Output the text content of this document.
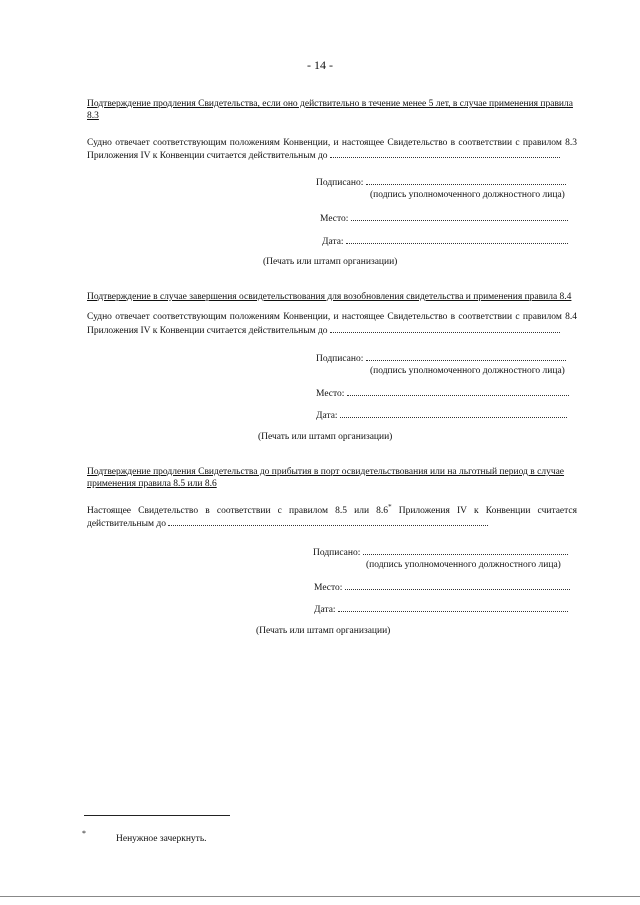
- 14 -

Подтверждение продления Свидетельства, если оно действительно в течение менее 5 лет, в случае применения правила 8.3

Судно отвечает соответствующим положениям Конвенции, и настоящее Свидетельство в соответствии с правилом 8.3 Приложения IV к Конвенции считается действительным до

Подписано:
(подпись уполномоченного должностного лица)
Место:
Дата:
(Печать или штамп организации)

Подтверждение в случае завершения освидетельствования для возобновления свидетельства и применения правила 8.4

Судно отвечает соответствующим положениям Конвенции, и настоящее Свидетельство в соответствии с правилом 8.4 Приложения IV к Конвенции считается действительным до

Подписано:
(подпись уполномоченного должностного лица)
Место:
Дата:
(Печать или штамп организации)

Подтверждение продления Свидетельства до прибытия в порт освидетельствования или на льготный период в случае применения правила 8.5 или 8.6

Настоящее Свидетельство в соответствии с правилом 8.5 или 8.6* Приложения IV к Конвенции считается действительным до

Подписано:
(подпись уполномоченного должностного лица)
Место:
Дата:
(Печать или штамп организации)
*
Ненужное зачеркнуть.
